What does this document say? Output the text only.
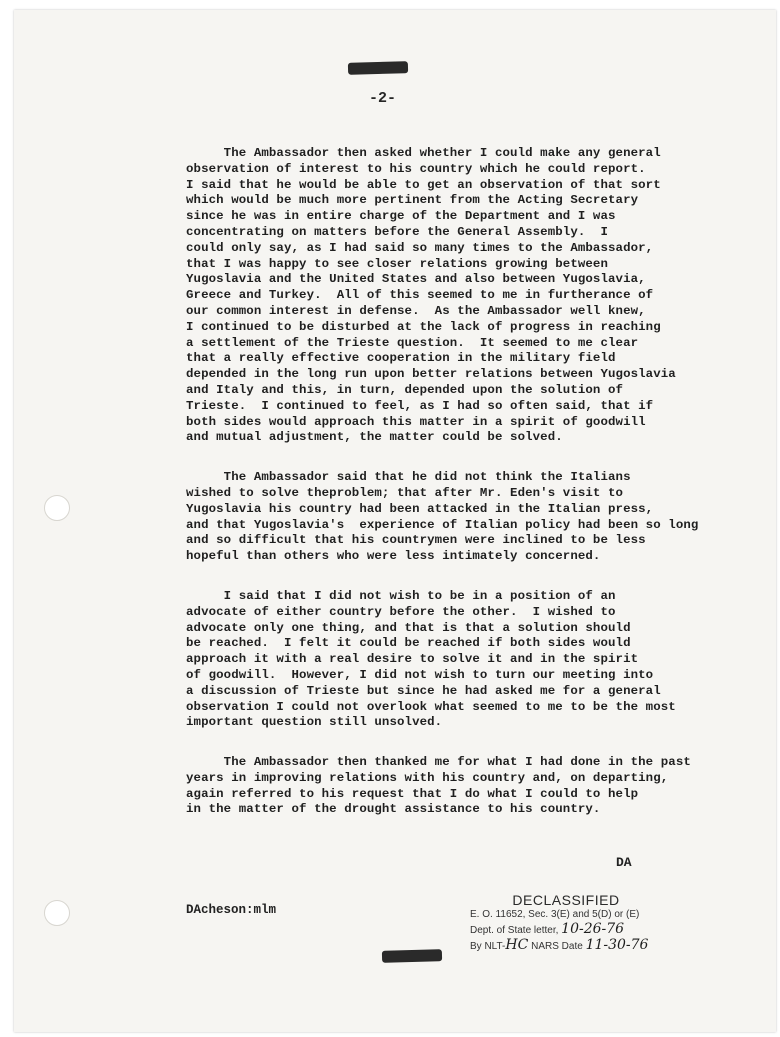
-2-
The Ambassador then asked whether I could make any general
observation of interest to his country which he could report.
I said that he would be able to get an observation of that sort
which would be much more pertinent from the Acting Secretary
since he was in entire charge of the Department and I was
concentrating on matters before the General Assembly.  I
could only say, as I had said so many times to the Ambassador,
that I was happy to see closer relations growing between
Yugoslavia and the United States and also between Yugoslavia,
Greece and Turkey.  All of this seemed to me in furtherance of
our common interest in defense.  As the Ambassador well knew,
I continued to be disturbed at the lack of progress in reaching
a settlement of the Trieste question.  It seemed to me clear
that a really effective cooperation in the military field
depended in the long run upon better relations between Yugoslavia
and Italy and this, in turn, depended upon the solution of
Trieste.  I continued to feel, as I had so often said, that if
both sides would approach this matter in a spirit of goodwill
and mutual adjustment, the matter could be solved.
The Ambassador said that he did not think the Italians
wished to solve theproblem; that after Mr. Eden's visit to
Yugoslavia his country had been attacked in the Italian press,
and that Yugoslavia's  experience of Italian policy had been so long
and so difficult that his countrymen were inclined to be less
hopeful than others who were less intimately concerned.
I said that I did not wish to be in a position of an
advocate of either country before the other.  I wished to
advocate only one thing, and that is that a solution should
be reached.  I felt it could be reached if both sides would
approach it with a real desire to solve it and in the spirit
of goodwill.  However, I did not wish to turn our meeting into
a discussion of Trieste but since he had asked me for a general
observation I could not overlook what seemed to me to be the most
important question still unsolved.
The Ambassador then thanked me for what I had done in the past
years in improving relations with his country and, on departing,
again referred to his request that I do what I could to help
in the matter of the drought assistance to his country.
DA
DAcheson:mlm
DECLASSIFIED
E. O. 11652, Sec. 3(E) and 5(D) or (E)
Dept. of State letter, 10-26-76
By NLT-HC NARS Date 11-30-76
